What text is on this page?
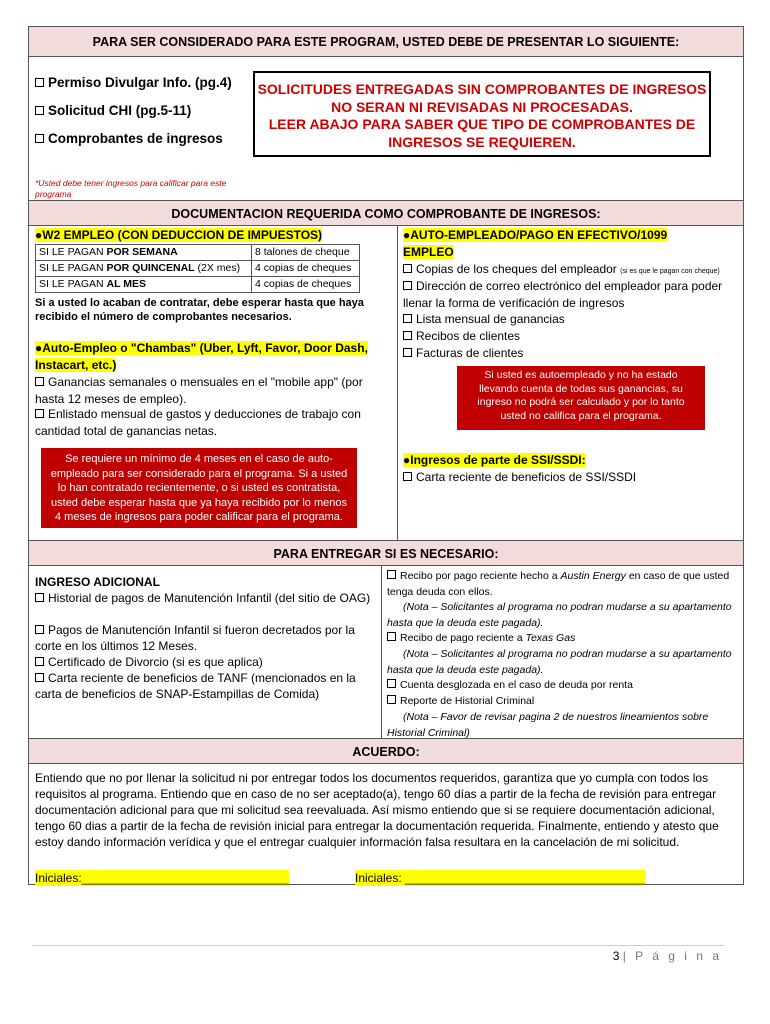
PARA SER CONSIDERADO PARA ESTE PROGRAM, USTED DEBE DE PRESENTAR LO SIGUIENTE:
Permiso Divulgar Info. (pg.4)
Solicitud CHI (pg.5-11)
Comprobantes de ingresos
SOLICITUDES ENTREGADAS SIN COMPROBANTES DE INGRESOS
NO SERAN NI REVISADAS NI PROCESADAS.
LEER ABAJO PARA SABER QUE TIPO DE COMPROBANTES DE
INGRESOS SE REQUIEREN.
*Usted debe tener ingresos para calificar para este programa
DOCUMENTACION REQUERIDA COMO COMPROBANTE DE INGRESOS:
●W2 EMPLEO (CON DEDUCCION DE IMPUESTOS)
SI LE PAGAN POR SEMANA	8 talones de cheque
SI LE PAGAN POR QUINCENAL (2X mes)	4 copias de cheques
SI LE PAGAN AL MES	4 copias de cheques
Si a usted lo acaban de contratar, debe esperar hasta que haya recibido el número de comprobantes necesarios.
●Auto-Empleo o "Chambas" (Uber, Lyft, Favor, Door Dash, Instacart, etc.)
Ganancias semanales o mensuales en el "mobile app" (por hasta 12 meses de empleo).
Enlistado mensual de gastos y deducciones de trabajo con cantidad total de ganancias netas.
Se requiere un mínimo de 4 meses en el caso de auto-empleado para ser considerado para el programa. Si a usted lo han contratado recientemente, o si usted es contratista, usted debe esperar hasta que ya haya recibido por lo menos 4 meses de ingresos para poder calificar para el programa.
●AUTO-EMPLEADO/PAGO EN EFECTIVO/1099
EMPLEO
Copias de los cheques del empleador (si es que le pagan con cheque)
Dirección de correo electrónico del empleador para poder llenar la forma de verificación de ingresos
Lista mensual de ganancias
Recibos de clientes
Facturas de clientes
Si usted es autoempleado y no ha estado llevando cuenta de todas sus ganancias, su ingreso no podrá ser calculado y por lo tanto usted no califica para el programa.
●Ingresos de parte de SSI/SSDI:
Carta reciente de beneficios de SSI/SSDI
PARA ENTREGAR SI ES NECESARIO:
INGRESO ADICIONAL
Historial de pagos de Manutención Infantil (del sitio de OAG)
Pagos de Manutención Infantil si fueron decretados por la corte en los últimos 12 Meses.
Certificado de Divorcio (si es que aplica)
Carta reciente de beneficios de TANF (mencionados en la carta de beneficios de SNAP-Estampillas de Comida)
Recibo por pago reciente hecho a Austin Energy en caso de que usted tenga deuda con ellos.
(Nota – Solicitantes al programa no podran mudarse a su apartamento hasta que la deuda este pagada).
Recibo de pago reciente a Texas Gas
(Nota – Solicitantes al programa no podran mudarse a su apartamento hasta que la deuda este pagada).
Cuenta desglozada en el caso de deuda por renta
Reporte de Historial Criminal
(Nota – Favor de revisar pagina 2 de nuestros lineamientos sobre Historial Criminal)
ACUERDO:
Entiendo que no por llenar la solicitud ni por entregar todos los documentos requeridos, garantiza que yo cumpla con todos los requisitos al programa. Entiendo que en caso de no ser aceptado(a), tengo 60 días a partir de la fecha de revisión para entregar documentación adicional para que mi solicitud sea reevaluada. Así mismo entiendo que si se requiere documentación adicional, tengo 60 dias a partir de la fecha de revisión inicial para entregar la documentación requerida. Finalmente, entiendo y atesto que estoy dando información verídica y que el entregar cualquier información falsa resultara en la cancelación de mi solicitud.
Iniciales:_______________________________	Iniciales: ____________________________________
3 | P á g i n a
